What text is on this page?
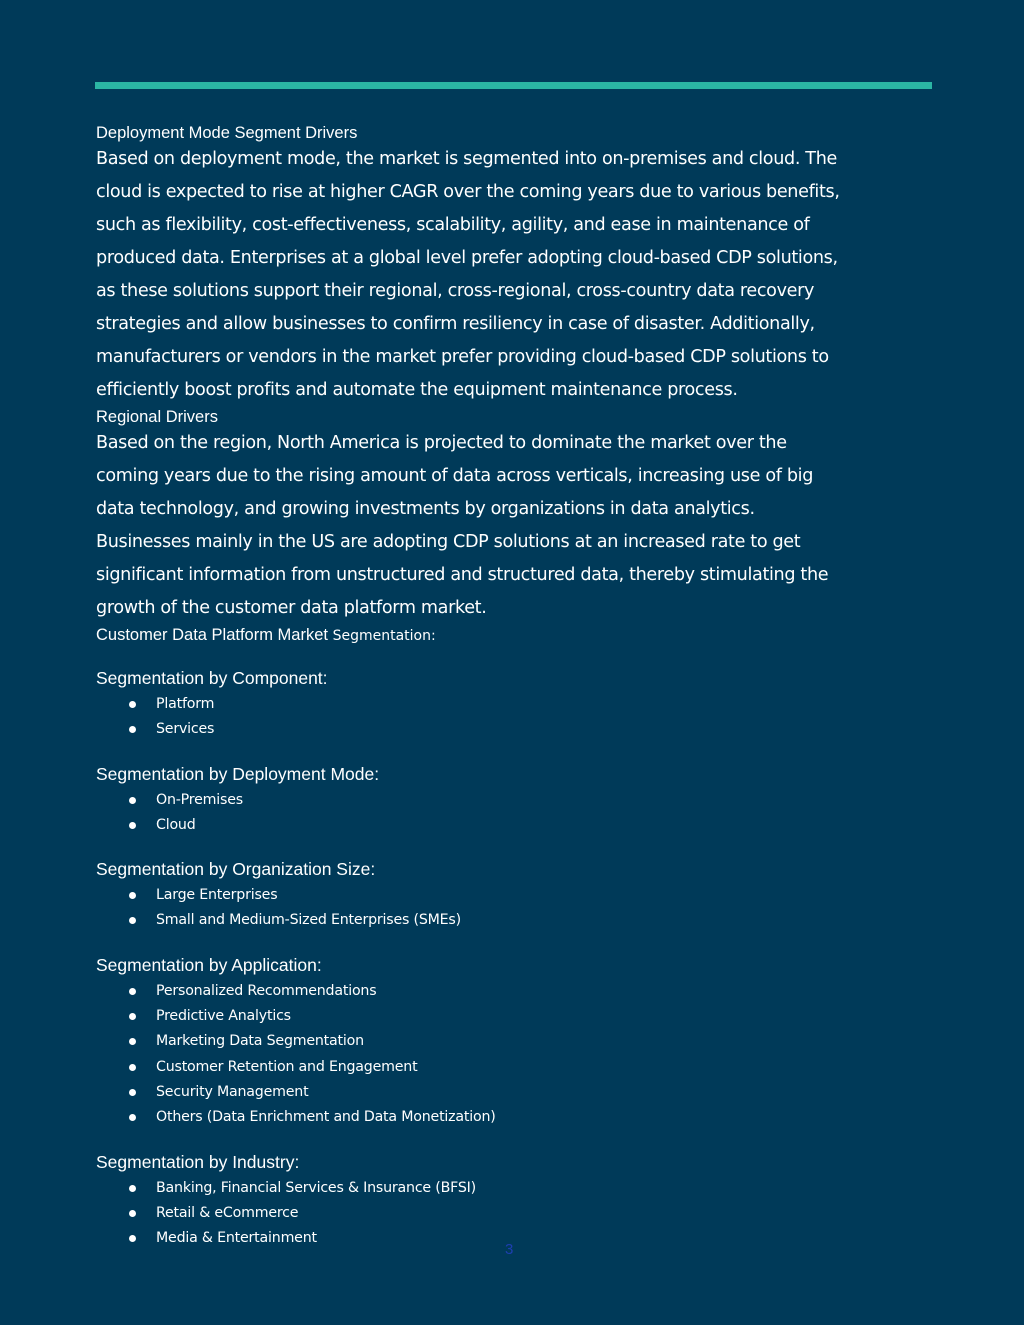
Deployment Mode Segment Drivers

Based on deployment mode, the market is segmented into on-premises and cloud. The
cloud is expected to rise at higher CAGR over the coming years due to various benefits,
such as flexibility, cost-effectiveness, scalability, agility, and ease in maintenance of
produced data. Enterprises at a global level prefer adopting cloud-based CDP solutions,
as these solutions support their regional, cross-regional, cross-country data recovery
strategies and allow businesses to confirm resiliency in case of disaster. Additionally,
manufacturers or vendors in the market prefer providing cloud-based CDP solutions to
efficiently boost profits and automate the equipment maintenance process.

Regional Drivers

Based on the region, North America is projected to dominate the market over the
coming years due to the rising amount of data across verticals, increasing use of big
data technology, and growing investments by organizations in data analytics.
Businesses mainly in the US are adopting CDP solutions at an increased rate to get
significant information from unstructured and structured data, thereby stimulating the
growth of the customer data platform market.

Customer Data Platform Market Segmentation:

Segmentation by Component:

Platform
Services

Segmentation by Deployment Mode:

On-Premises
Cloud

Segmentation by Organization Size:

Large Enterprises
Small and Medium-Sized Enterprises (SMEs)

Segmentation by Application:

Personalized Recommendations
Predictive Analytics
Marketing Data Segmentation
Customer Retention and Engagement
Security Management
Others (Data Enrichment and Data Monetization)

Segmentation by Industry:

Banking, Financial Services & Insurance (BFSI)
Retail & eCommerce
Media & Entertainment
3
